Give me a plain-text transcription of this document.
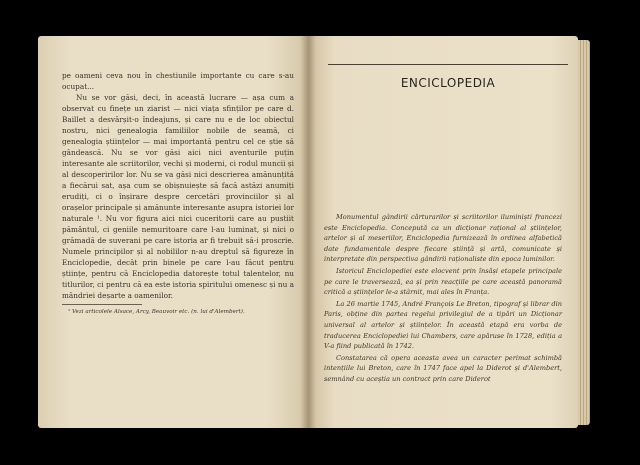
pe oameni ceva nou în chestiunile importante cu care s-au ocupat...

Nu se vor găsi, deci, în această lucrare — așa cum a observat cu finețe un ziarist — nici viața sfinților pe care d. Baillet a desvârșit-o îndeajuns, și care nu e de loc obiectul nostru, nici genealogia familiilor nobile de seamă, ci genealogia științelor — mai importantă pentru cel ce știe să gândească. Nu se vor găsi aici nici aventurile puțin interesante ale scriitorilor, vechi și moderni, ci rodul muncii și al descoperirilor lor. Nu se va găsi nici descrierea amănunțită a fiecărui sat, așa cum se obișnuiește să facă astăzi anumiți erudiți, ci o înșirare despre cercetări provinciilor și al orașelor principale și amănunte interesante asupra istoriei lor naturale ¹. Nu vor figura aici nici cuceritorii care au pustiit pământul, ci geniile nemuritoare care l-au luminat, și nici o grămadă de suverani pe care istoria ar fi trebuit să-i proscrie. Numele principilor și al nobililor n-au dreptul să figureze în Enciclopedie, decât prin binele pe care l-au făcut pentru științe, pentru că Enciclopedia datorește totul talentelor, nu titlurilor, ci pentru că ea este istoria spiritului omenesc și nu a mândriei deșarte a oamenilor.

¹ Vezi articolele Alsace, Arcy, Beauvoir etc. (n. lui d'Alembert).
ENCICLOPEDIA

Monumentul gândirii cărturarilor și scriitorilor iluminiști francezi este Enciclopedia. Concepută ca un dicționar rațional al științelor, artelor și al meseriilor, Enciclopedia furnizează în ordinea alfabetică date fundamentale despre fiecare știință și artă, comunicate și interpretate din perspectiva gândirii raționaliste din epoca luminilor.

Istoricul Enciclopediei este elocvent prin însăși etapele principale pe care le traversează, ea și prin reacțiile pe care această panoramă critică a științelor le-a stârnit, mai ales în Franța.

La 26 martie 1745, André François Le Breton, tipograf și librar din Paris, obține din partea regelui privilegiul de a tipări un Dicționar universal al artelor și științelor. În această etapă era vorba de traducerea Enciclopediei lui Chambers, care apăruse în 1728, ediția a V-a fiind publicată în 1742.

Constatarea că opera aceasta avea un caracter perimat schimbă intențiile lui Breton, care în 1747 face apel la Diderot și d'Alembert, semnând cu aceștia un contract prin care Diderot
